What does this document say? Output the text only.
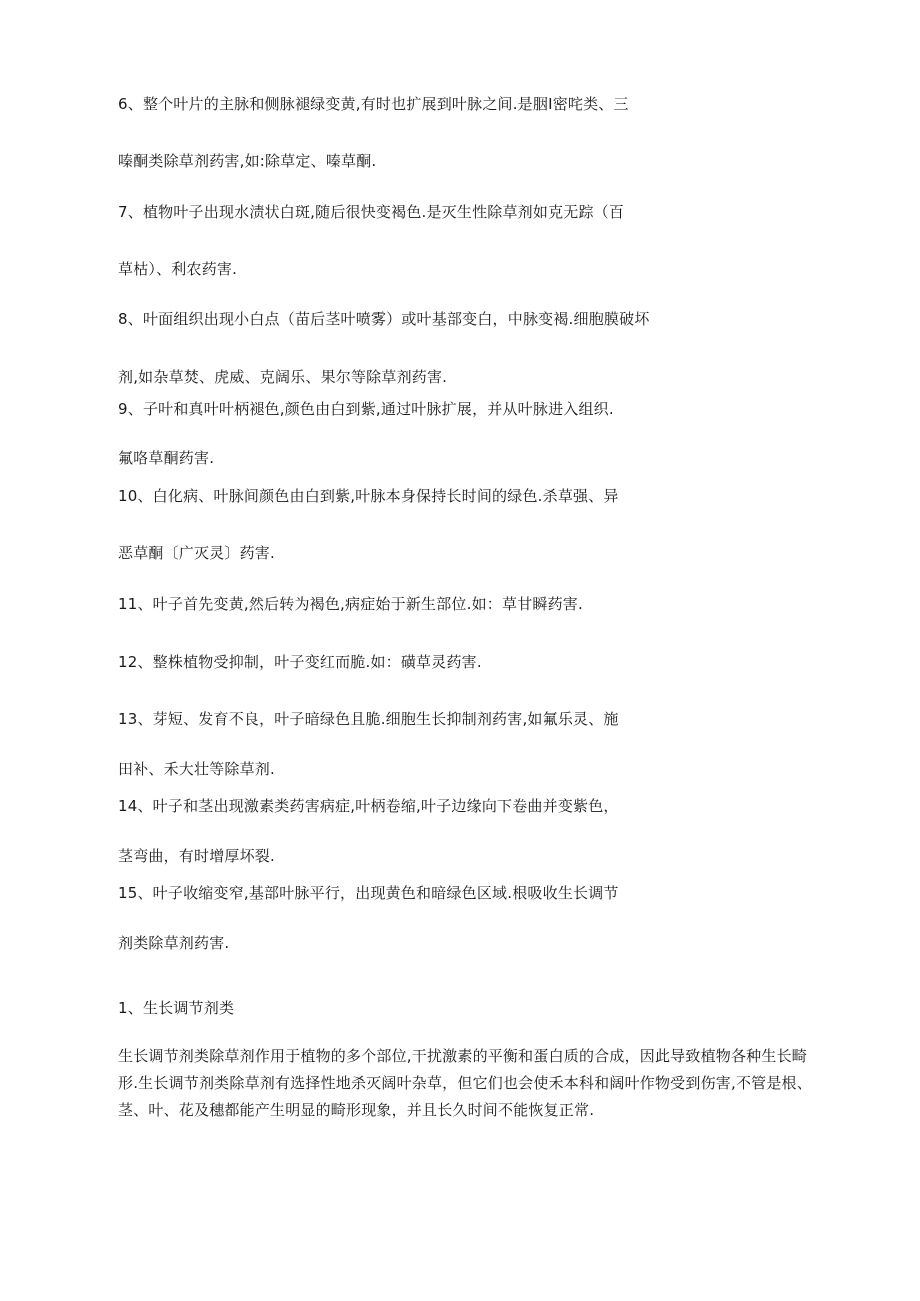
6、整个叶片的主脉和侧脉褪绿变黄,有时也扩展到叶脉之间.是胭I密咤类、三
嗪酮类除草剂药害,如:除草定、嗪草酮.
7、植物叶子出现水渍状白斑,随后很快变褐色.是灭生性除草剂如克无踪（百
草枯）、利农药害.
8、叶面组织出现小白点（苗后茎叶喷雾）或叶基部变白，中脉变褐.细胞膜破坏
剂,如杂草焚、虎威、克阔乐、果尔等除草剂药害.
9、子叶和真叶叶柄褪色,颜色由白到紫,通过叶脉扩展，并从叶脉进入组织.
氟咯草酮药害.
10、白化病、叶脉间颜色由白到紫,叶脉本身保持长时间的绿色.杀草强、异
恶草酮〔广灭灵〕药害.
11、叶子首先变黄,然后转为褐色,病症始于新生部位.如：草甘瞬药害.
12、整株植物受抑制，叶子变红而脆.如：磺草灵药害.
13、芽短、发育不良，叶子暗绿色且脆.细胞生长抑制剂药害,如氟乐灵、施
田补、禾大壮等除草剂.
14、叶子和茎出现激素类药害病症,叶柄卷缩,叶子边缘向下卷曲并变紫色，
茎弯曲，有时增厚坏裂.
15、叶子收缩变窄,基部叶脉平行，出现黄色和暗绿色区域.根吸收生长调节
剂类除草剂药害.
1、生长调节剂类
生长调节剂类除草剂作用于植物的多个部位,干扰激素的平衡和蛋白质的合成，因此导致植物各种生长畸形.生长调节剂类除草剂有选择性地杀灭阔叶杂草，但它们也会使禾本科和阔叶作物受到伤害,不管是根、茎、叶、花及穗都能产生明显的畸形现象，并且长久时间不能恢复正常.
